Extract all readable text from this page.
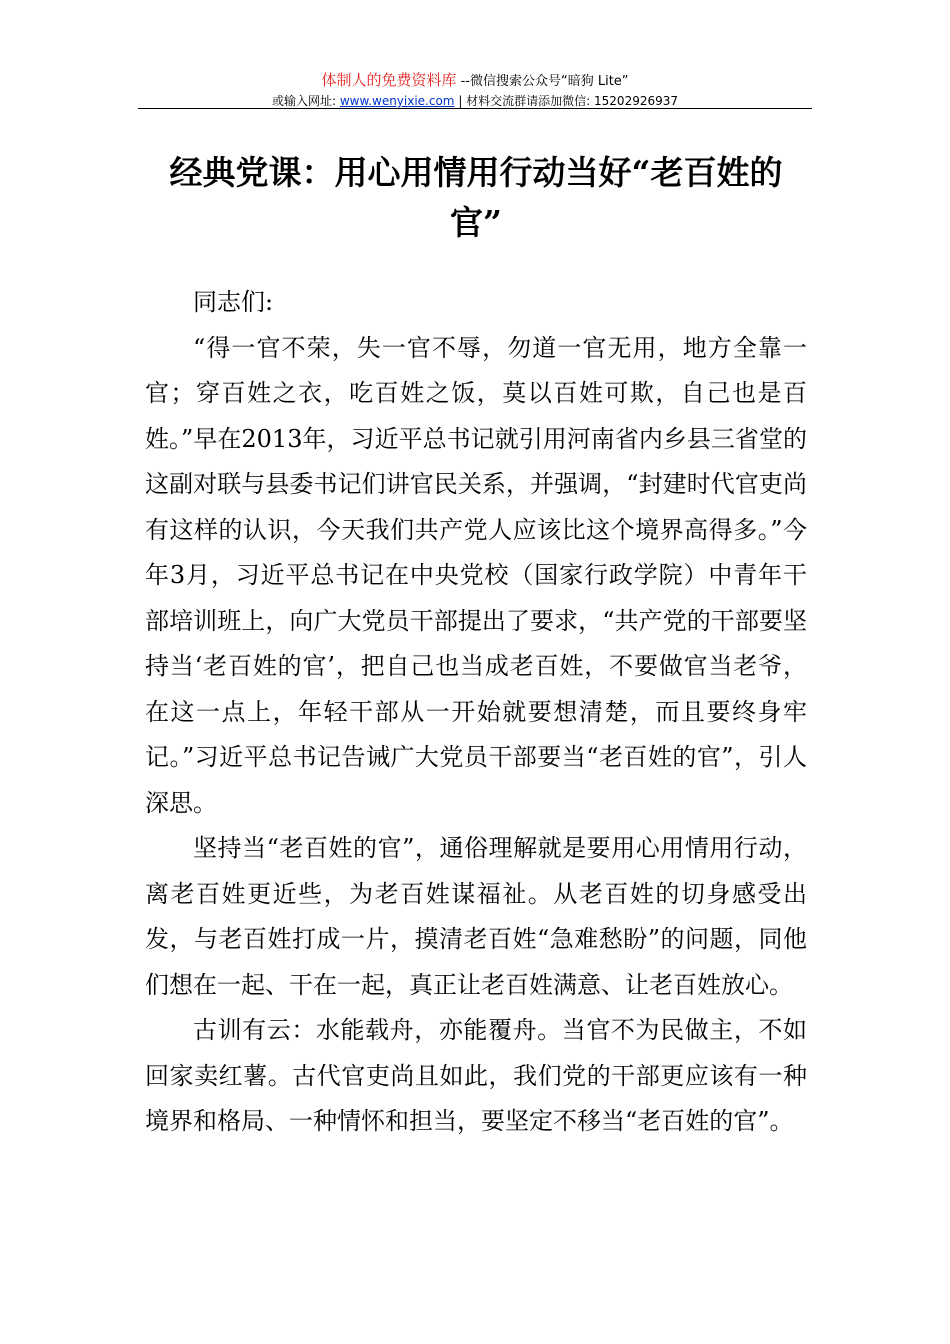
体制人的免费资料库 --微信搜索公众号“暗狗 Lite”
或输入网址: www.wenyixie.com | 材料交流群请添加微信: 15202926937
经典党课：用心用情用行动当好“老百姓的官”

同志们:

“得一官不荣，失一官不辱，勿道一官无用，地方全靠一官；穿百姓之衣，吃百姓之饭，莫以百姓可欺，自己也是百姓。”早在2013年，习近平总书记就引用河南省内乡县三省堂的这副对联与县委书记们讲官民关系，并强调，“封建时代官吏尚有这样的认识，今天我们共产党人应该比这个境界高得多。”今年3月，习近平总书记在中央党校（国家行政学院）中青年干部培训班上，向广大党员干部提出了要求，“共产党的干部要坚持当‘老百姓的官’，把自己也当成老百姓，不要做官当老爷，在这一点上，年轻干部从一开始就要想清楚，而且要终身牢记。”习近平总书记告诫广大党员干部要当“老百姓的官”，引人深思。

坚持当“老百姓的官”，通俗理解就是要用心用情用行动，离老百姓更近些，为老百姓谋福祉。从老百姓的切身感受出发，与老百姓打成一片，摸清老百姓“急难愁盼”的问题，同他们想在一起、干在一起，真正让老百姓满意、让老百姓放心。

古训有云：水能载舟，亦能覆舟。当官不为民做主，不如回家卖红薯。古代官吏尚且如此，我们党的干部更应该有一种境界和格局、一种情怀和担当，要坚定不移当“老百姓的官”。
